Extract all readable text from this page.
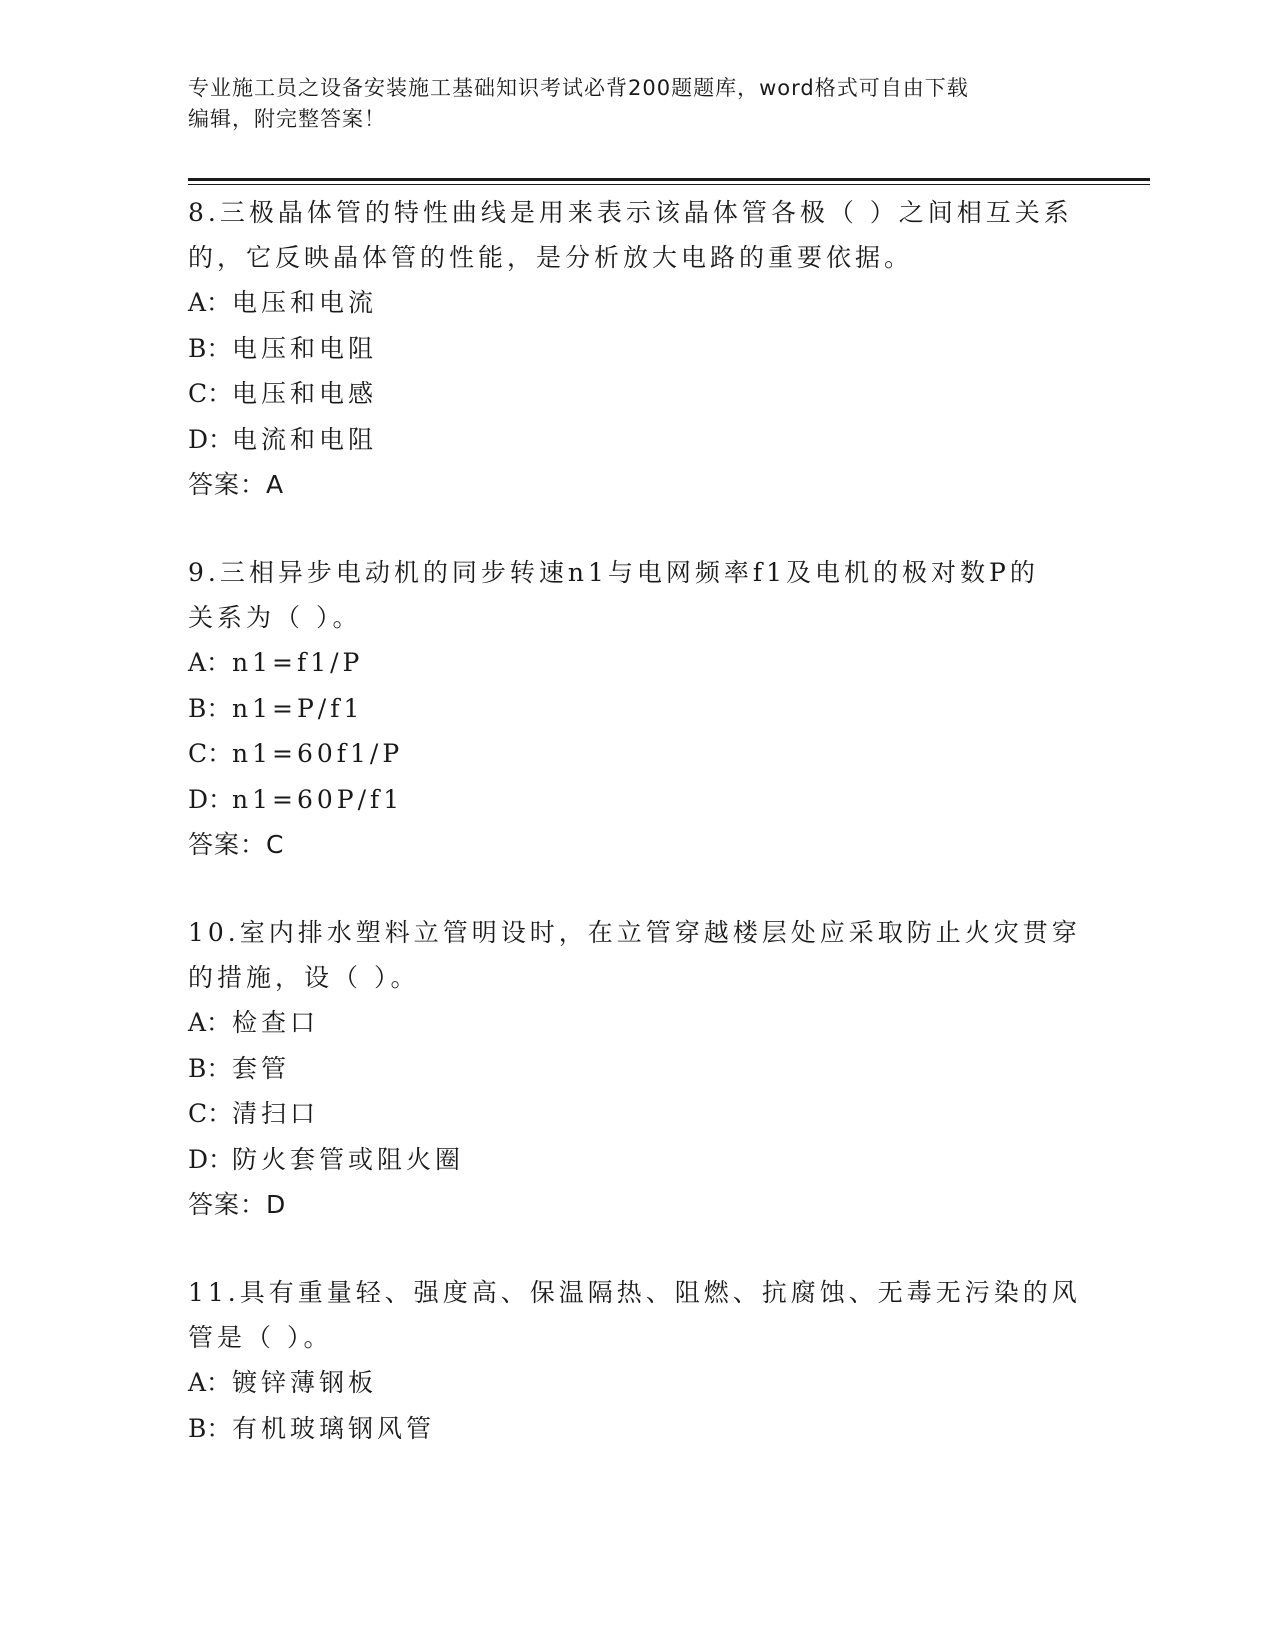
专业施工员之设备安装施工基础知识考试必背200题题库，word格式可自由下载
编辑，附完整答案！

8.三极晶体管的特性曲线是用来表示该晶体管各极（ ）之间相互关系

的，它反映晶体管的性能，是分析放大电路的重要依据。

A：电压和电流

B：电压和电阻

C：电压和电感

D：电流和电阻

答案：A

9.三相异步电动机的同步转速n1与电网频率f1及电机的极对数P的

关系为（ ）。

A：n1=f1/P

B：n1=P/f1

C：n1=60f1/P

D：n1=60P/f1

答案：C

10.室内排水塑料立管明设时，在立管穿越楼层处应采取防止火灾贯穿

的措施，设（ ）。

A：检查口

B：套管

C：清扫口

D：防火套管或阻火圈

答案：D

11.具有重量轻、强度高、保温隔热、阻燃、抗腐蚀、无毒无污染的风

管是（ ）。

A：镀锌薄钢板

B：有机玻璃钢风管
